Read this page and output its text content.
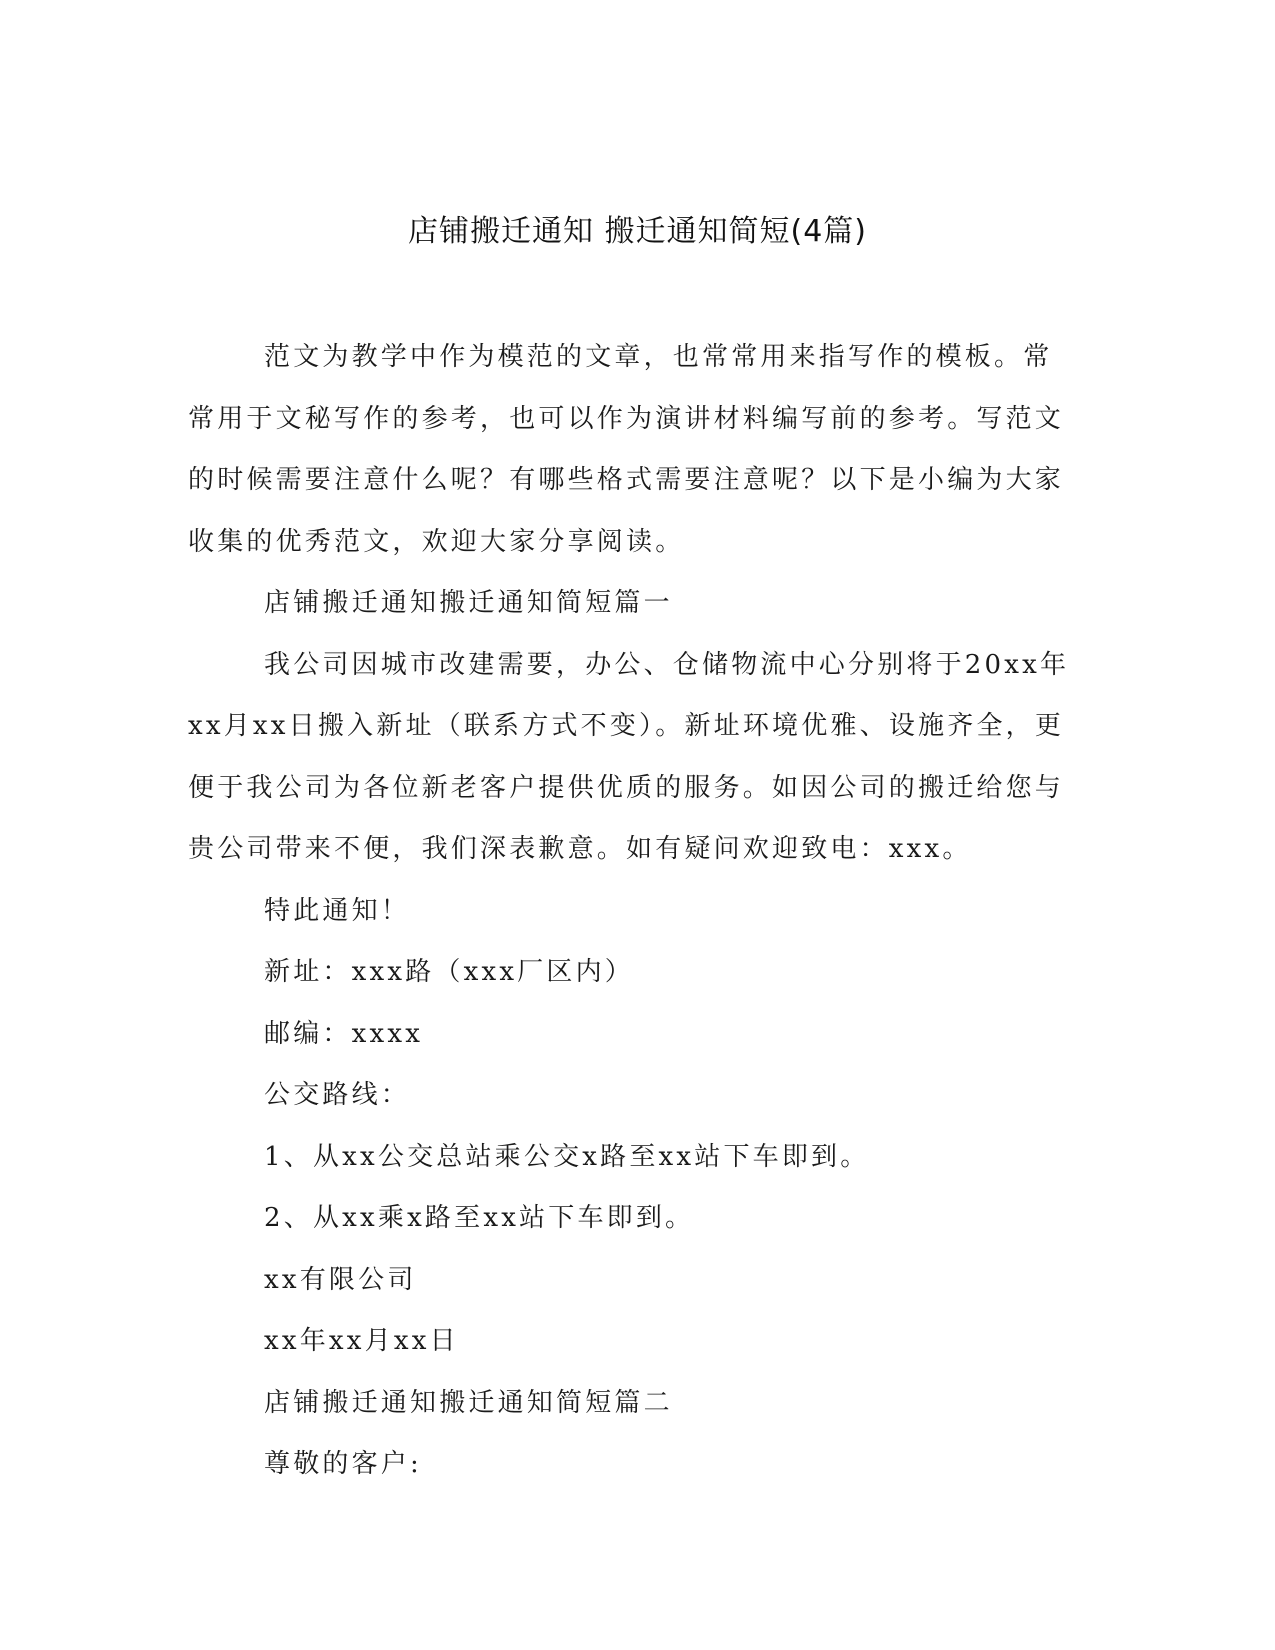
店铺搬迁通知 搬迁通知简短(4篇)

范文为教学中作为模范的文章，也常常用来指写作的模板。常常用于文秘写作的参考，也可以作为演讲材料编写前的参考。写范文的时候需要注意什么呢？有哪些格式需要注意呢？以下是小编为大家收集的优秀范文，欢迎大家分享阅读。

店铺搬迁通知搬迁通知简短篇一

我公司因城市改建需要，办公、仓储物流中心分别将于20xx年xx月xx日搬入新址（联系方式不变）。新址环境优雅、设施齐全，更便于我公司为各位新老客户提供优质的服务。如因公司的搬迁给您与贵公司带来不便，我们深表歉意。如有疑问欢迎致电：xxx。

特此通知！

新址：xxx路（xxx厂区内）

邮编：xxxx

公交路线：

1、从xx公交总站乘公交x路至xx站下车即到。

2、从xx乘x路至xx站下车即到。

xx有限公司

xx年xx月xx日

店铺搬迁通知搬迁通知简短篇二

尊敬的客户:
